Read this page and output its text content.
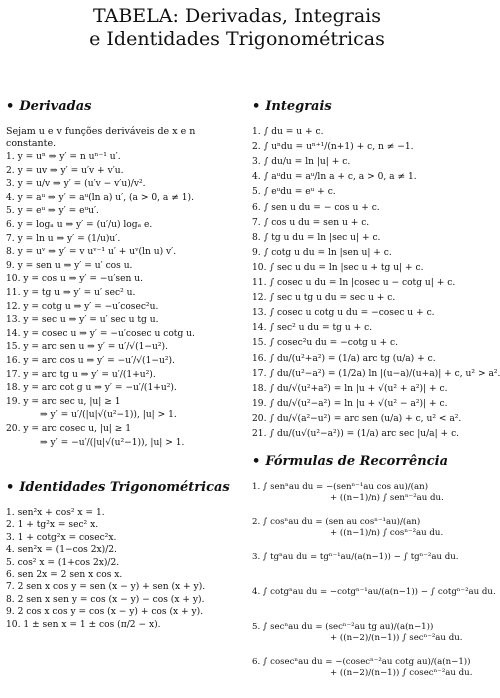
TABELA: Derivadas, Integrais
e Identidades Trigonométricas
• Derivadas
Sejam u e v funções deriváveis de x e n constante.
1. y = uⁿ ⇒ y′ = n uⁿ⁻¹ u′.
2. y = uv ⇒ y′ = u′v + v′u.
3. y = u/v ⇒ y′ = (u′v − v′u)/v².
4. y = aᵘ ⇒ y′ = aᵘ(ln a) u′, (a > 0, a ≠ 1).
5. y = eᵘ ⇒ y′ = eᵘu′.
6. y = logₐ u ⇒ y′ = (u′/u) logₐ e.
7. y = ln u ⇒ y′ = (1/u)u′.
8. y = uᵛ ⇒ y′ = v uᵛ⁻¹ u′ + uᵛ(ln u) v′.
9. y = sen u ⇒ y′ = u′ cos u.
10. y = cos u ⇒ y′ = −u′sen u.
11. y = tg u ⇒ y′ = u′ sec² u.
12. y = cotg u ⇒ y′ = −u′cosec²u.
13. y = sec u ⇒ y′ = u′ sec u tg u.
14. y = cosec u ⇒ y′ = −u′cosec u cotg u.
15. y = arc sen u ⇒ y′ = u′/√(1−u²).
16. y = arc cos u ⇒ y′ = −u′/√(1−u²).
17. y = arc tg u ⇒ y′ = u′/(1+u²).
18. y = arc cot g u ⇒ y′ = −u′/(1+u²).
19. y = arc sec u, |u| ≥ 1
⇒ y′ = u′/(|u|√(u²−1)), |u| > 1.
20. y = arc cosec u, |u| ≥ 1
⇒ y′ = −u′/(|u|√(u²−1)), |u| > 1.
• Identidades Trigonométricas
1. sen²x + cos² x = 1.
2. 1 + tg²x = sec² x.
3. 1 + cotg²x = cosec²x.
4. sen²x = (1−cos 2x)/2.
5. cos² x = (1+cos 2x)/2.
6. sen 2x = 2 sen x cos x.
7. 2 sen x cos y = sen (x − y) + sen (x + y).
8. 2 sen x sen y = cos (x − y) − cos (x + y).
9. 2 cos x cos y = cos (x − y) + cos (x + y).
10. 1 ± sen x = 1 ± cos (π/2 − x).
• Integrais
1. ∫ du = u + c.
2. ∫ uⁿdu = uⁿ⁺¹/(n+1) + c, n ≠ −1.
3. ∫ du/u = ln |u| + c.
4. ∫ aᵘdu = aᵘ/ln a + c, a > 0, a ≠ 1.
5. ∫ eᵘdu = eᵘ + c.
6. ∫ sen u du = − cos u + c.
7. ∫ cos u du = sen u + c.
8. ∫ tg u du = ln |sec u| + c.
9. ∫ cotg u du = ln |sen u| + c.
10. ∫ sec u du = ln |sec u + tg u| + c.
11. ∫ cosec u du = ln |cosec u − cotg u| + c.
12. ∫ sec u tg u du = sec u + c.
13. ∫ cosec u cotg u du = −cosec u + c.
14. ∫ sec² u du = tg u + c.
15. ∫ cosec²u du = −cotg u + c.
16. ∫ du/(u²+a²) = (1/a) arc tg (u/a) + c.
17. ∫ du/(u²−a²) = (1/2a) ln |(u−a)/(u+a)| + c, u² > a².
18. ∫ du/√(u²+a²) = ln |u + √(u² + a²)| + c.
19. ∫ du/√(u²−a²) = ln |u + √(u² − a²)| + c.
20. ∫ du/√(a²−u²) = arc sen (u/a) + c, u² < a².
21. ∫ du/(u√(u²−a²)) = (1/a) arc sec |u/a| + c.
• Fórmulas de Recorrência
1. ∫ senⁿau du = −(senⁿ⁻¹au cos au)/(an)
+ ((n−1)/n) ∫ senⁿ⁻²au du.
2. ∫ cosⁿau du = (sen au cosⁿ⁻¹au)/(an)
+ ((n−1)/n) ∫ cosⁿ⁻²au du.
3. ∫ tgⁿau du = tgⁿ⁻¹au/(a(n−1)) − ∫ tgⁿ⁻²au du.
4. ∫ cotgⁿau du = −cotgⁿ⁻¹au/(a(n−1)) − ∫ cotgⁿ⁻²au du.
5. ∫ secⁿau du = (secⁿ⁻²au tg au)/(a(n−1))
+ ((n−2)/(n−1)) ∫ secⁿ⁻²au du.
6. ∫ cosecⁿau du = −(cosecⁿ⁻²au cotg au)/(a(n−1))
+ ((n−2)/(n−1)) ∫ cosecⁿ⁻²au du.
